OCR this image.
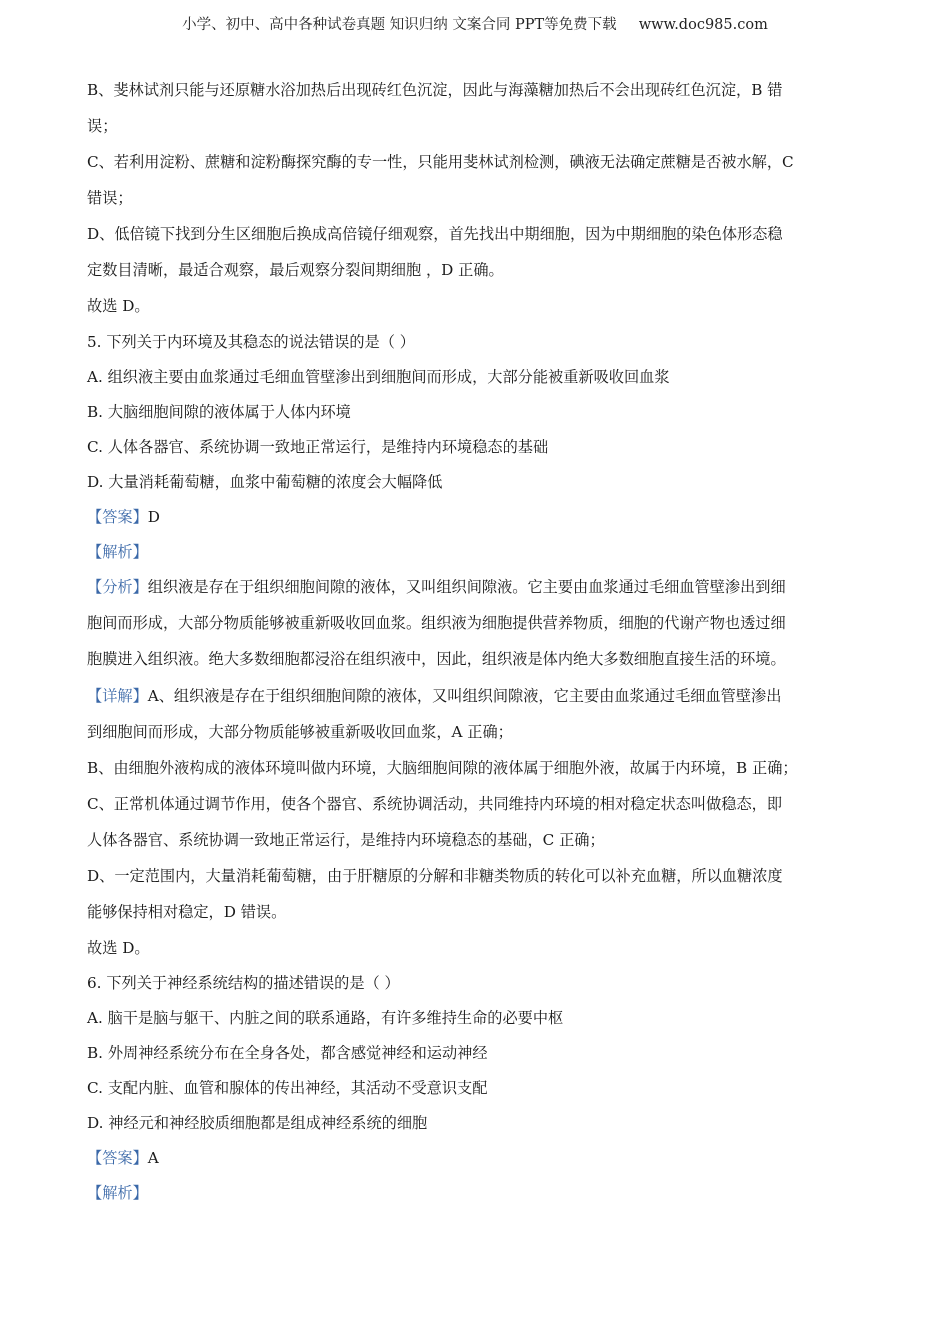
小学、初中、高中各种试卷真题 知识归纳 文案合同 PPT等免费下载 www.doc985.com
B、斐林试剂只能与还原糖水浴加热后出现砖红色沉淀，因此与海藻糖加热后不会出现砖红色沉淀，B 错
误；
C、若利用淀粉、蔗糖和淀粉酶探究酶的专一性，只能用斐林试剂检测，碘液无法确定蔗糖是否被水解，C
错误；
D、低倍镜下找到分生区细胞后换成高倍镜仔细观察，首先找出中期细胞，因为中期细胞的染色体形态稳
定数目清晰，最适合观察，最后观察分裂间期细胞 ，D 正确。
故选 D。
5. 下列关于内环境及其稳态的说法错误的是（ ）
A. 组织液主要由血浆通过毛细血管壁渗出到细胞间而形成，大部分能被重新吸收回血浆
B. 大脑细胞间隙的液体属于人体内环境
C. 人体各器官、系统协调一致地正常运行，是维持内环境稳态的基础
D. 大量消耗葡萄糖，血浆中葡萄糖的浓度会大幅降低
【答案】D
【解析】
【分析】组织液是存在于组织细胞间隙的液体，又叫组织间隙液。它主要由血浆通过毛细血管壁渗出到细
胞间而形成，大部分物质能够被重新吸收回血浆。组织液为细胞提供营养物质，细胞的代谢产物也透过细
胞膜进入组织液。绝大多数细胞都浸浴在组织液中，因此，组织液是体内绝大多数细胞直接生活的环境。
【详解】A、组织液是存在于组织细胞间隙的液体，又叫组织间隙液，它主要由血浆通过毛细血管壁渗出
到细胞间而形成，大部分物质能够被重新吸收回血浆，A 正确；
B、由细胞外液构成的液体环境叫做内环境，大脑细胞间隙的液体属于细胞外液，故属于内环境，B 正确；
C、正常机体通过调节作用，使各个器官、系统协调活动，共同维持内环境的相对稳定状态叫做稳态，即
人体各器官、系统协调一致地正常运行，是维持内环境稳态的基础，C 正确；
D、一定范围内，大量消耗葡萄糖，由于肝糖原的分解和非糖类物质的转化可以补充血糖，所以血糖浓度
能够保持相对稳定，D 错误。
故选 D。
6. 下列关于神经系统结构的描述错误的是（ ）
A. 脑干是脑与躯干、内脏之间的联系通路，有许多维持生命的必要中枢
B. 外周神经系统分布在全身各处，都含感觉神经和运动神经
C. 支配内脏、血管和腺体的传出神经，其活动不受意识支配
D. 神经元和神经胶质细胞都是组成神经系统的细胞
【答案】A
【解析】
